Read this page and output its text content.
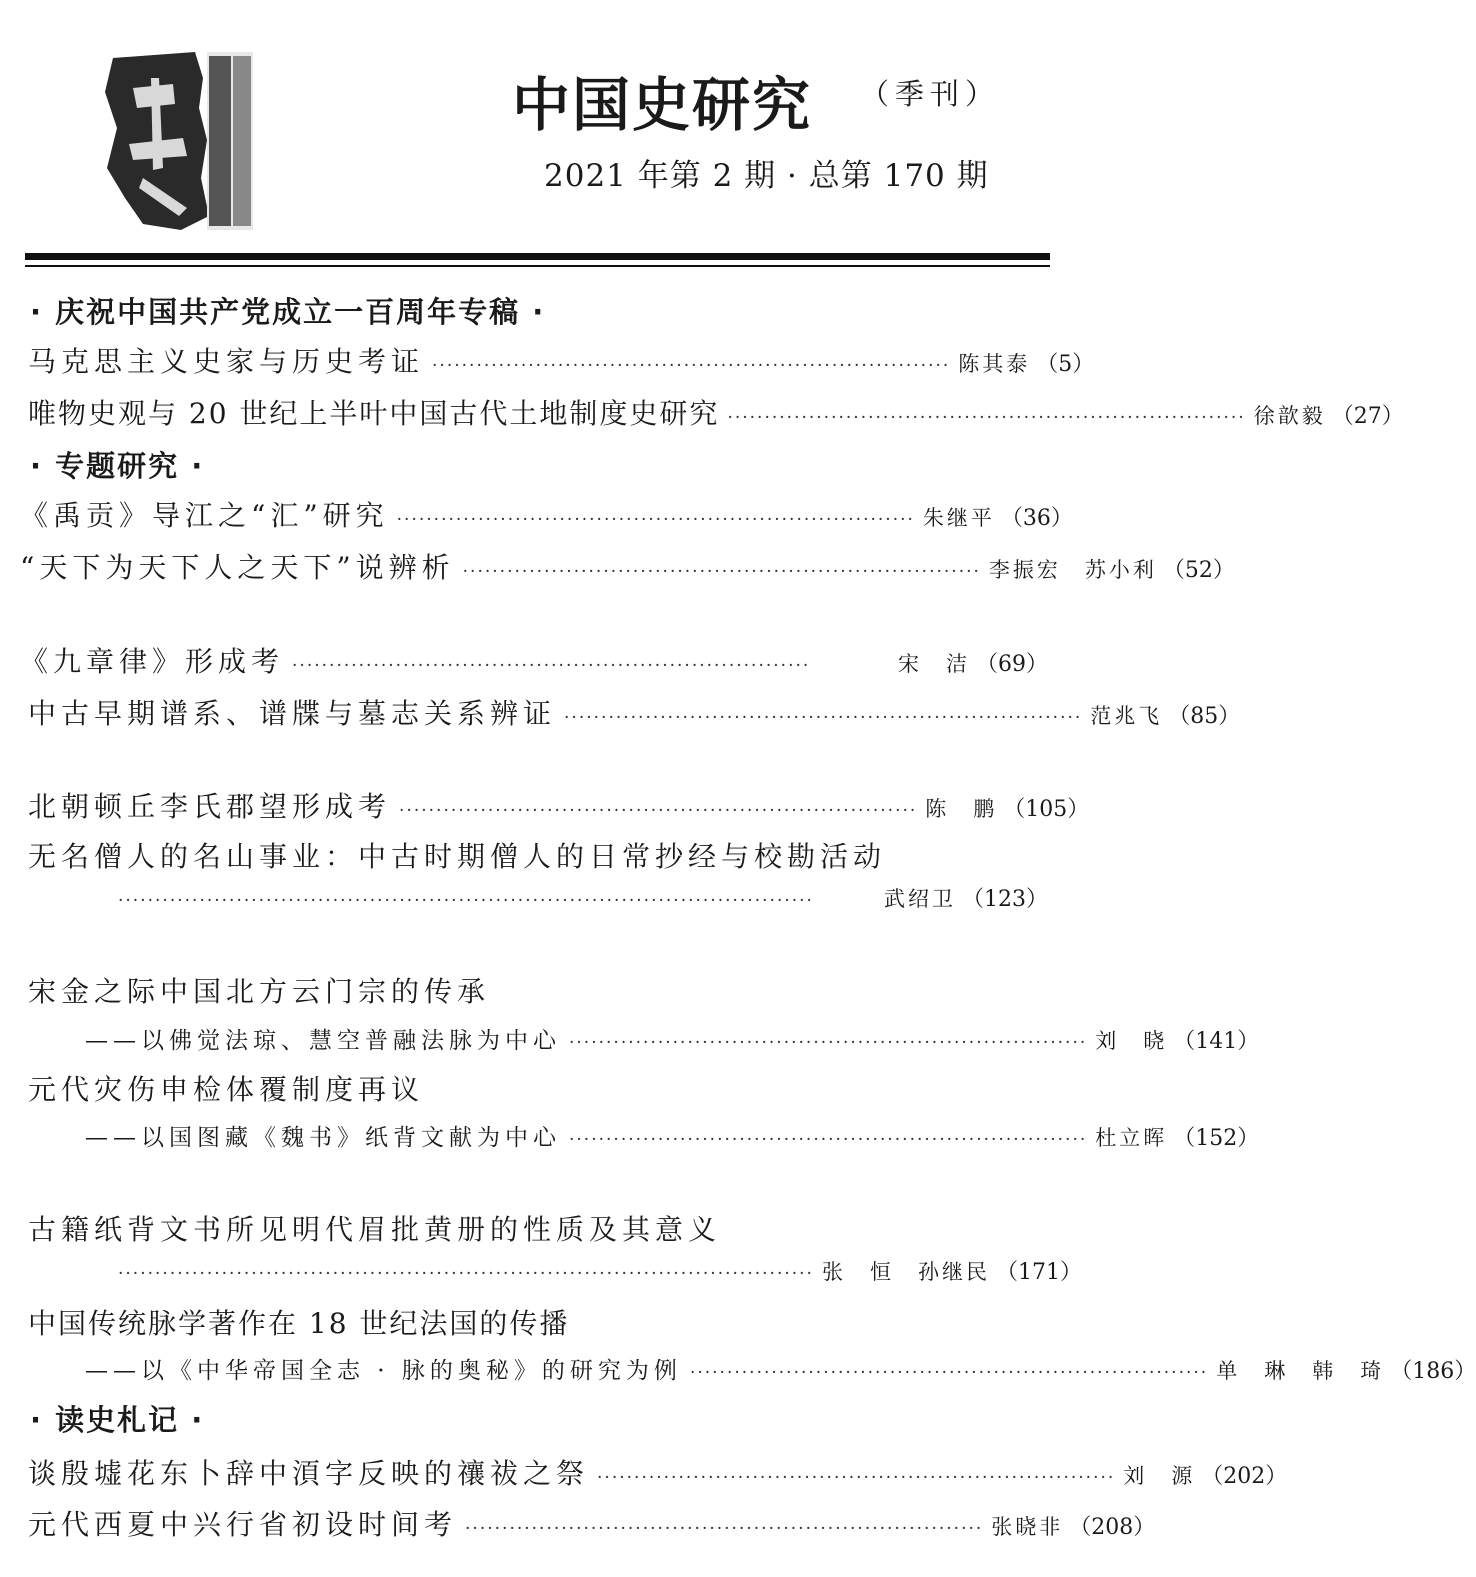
中国史研究 （季刊）
2021 年第 2 期 · 总第 170 期
· 庆祝中国共产党成立一百周年专稿 ·
马克思主义史家与历史考证 ······································································ 陈其泰 （5）
唯物史观与 20 世纪上半叶中国古代土地制度史研究 ······································································ 徐歆毅 （27）
· 专题研究 ·
《禹贡》导江之“汇”研究 ······································································ 朱继平 （36）
“天下为天下人之天下”说辨析 ······································································ 李振宏　苏小利 （52）
《九章律》形成考 ······································································	宋　洁 （69）
中古早期谱系、谱牒与墓志关系辨证 ······································································ 范兆飞 （85）
北朝顿丘李氏郡望形成考 ······································································ 陈　鹏 （105）
无名僧人的名山事业：中古时期僧人的日常抄经与校勘活动
······························································································	武绍卫 （123）
宋金之际中国北方云门宗的传承
——以佛觉法琼、慧空普融法脉为中心 ······································································ 刘　晓 （141）
元代灾伤申检体覆制度再议
——以国图藏《魏书》纸背文献为中心 ······································································ 杜立晖 （152）
古籍纸背文书所见明代眉批黄册的性质及其意义
······························································································ 张　恒　孙继民 （171）
中国传统脉学著作在 18 世纪法国的传播
——以《中华帝国全志 · 脉的奥秘》的研究为例 ······································································ 单　琳　韩　琦 （186）
· 读史札记 ·
谈殷墟花东卜辞中湏字反映的禳祓之祭 ······································································ 刘　源 （202）
元代西夏中兴行省初设时间考 ······································································ 张晓非 （208）
